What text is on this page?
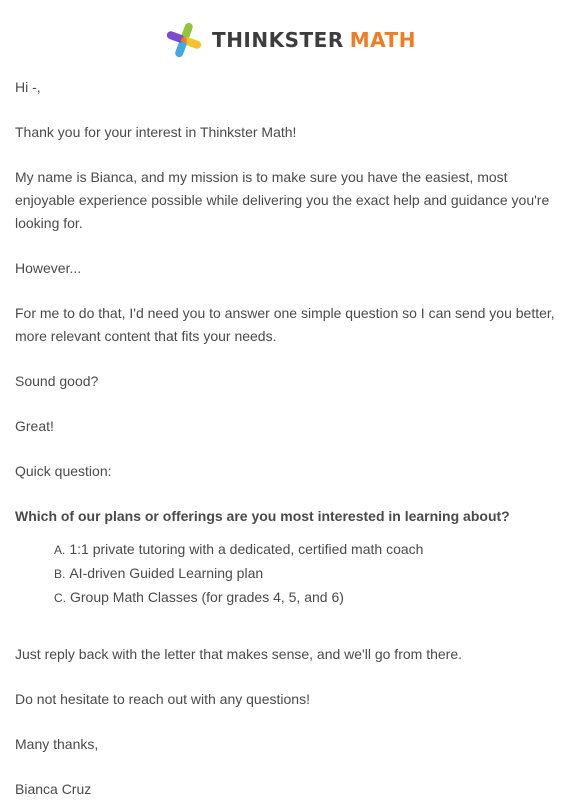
THINKSTER MATH

Hi -,

Thank you for your interest in Thinkster Math!

My name is Bianca, and my mission is to make sure you have the easiest, most enjoyable experience possible while delivering you the exact help and guidance you're looking for.

However...

For me to do that, I'd need you to answer one simple question so I can send you better, more relevant content that fits your needs.

Sound good?

Great!

Quick question:

Which of our plans or offerings are you most interested in learning about?

A. 1:1 private tutoring with a dedicated, certified math coach
B. AI-driven Guided Learning plan
C. Group Math Classes (for grades 4, 5, and 6)

Just reply back with the letter that makes sense, and we'll go from there.

Do not hesitate to reach out with any questions!

Many thanks,

Bianca Cruz
